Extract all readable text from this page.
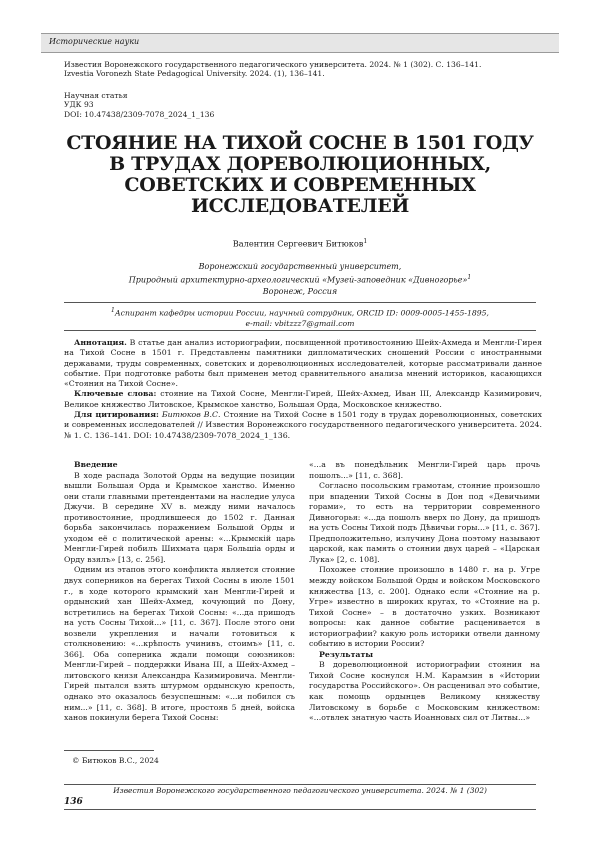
Исторические науки
Известия Воронежского государственного педагогического университета. 2024. № 1 (302). С. 136–141.
Izvestia Voronezh State Pedagogical University. 2024. (1), 136–141.
Научная статья
УДК 93
DOI: 10.47438/2309-7078_2024_1_136
СТОЯНИЕ НА ТИХОЙ СОСНЕ В 1501 ГОДУ
В ТРУДАХ ДОРЕВОЛЮЦИОННЫХ,
СОВЕТСКИХ И СОВРЕМЕННЫХ
ИССЛЕДОВАТЕЛЕЙ
Валентин Сергеевич Битюков$^1$
Воронежский государственный университет,
Природный архитектурно-археологический «Музей-заповедник «Дивногорье»$^1$
Воронеж, Россия
$^1$Аспирант кафедры истории России, научный сотрудник, ORCID ID: 0009-0005-1455-1895,
e-mail: vbitzzz7@gmail.com

Аннотация. В статье дан анализ историографии, посвященной противостоянию Шейх-Ахмеда и Менгли-Гирея на Тихой Сосне в 1501 г. Представлены памятники дипломатических сношений России с иностранными державами, труды современных, советских и дореволюционных исследователей, которые рассматривали данное событие. При подготовке работы был применен метод сравнительного анализа мнений историков, касающихся «Стояния на Тихой Сосне».

Ключевые слова: стояние на Тихой Сосне, Менгли-Гирей, Шейх-Ахмед, Иван III, Александр Казимирович, Великое княжество Литовское, Крымское ханство, Большая Орда, Московское княжество.

Для цитирования: Битюков В.С. Стояние на Тихой Сосне в 1501 году в трудах дореволюционных, советских и современных исследователей // Известия Воронежского государственного педагогического университета. 2024. № 1. С. 136–141. DOI: 10.47438/2309-7078_2024_1_136.

Введение

В ходе распада Золотой Орды на ведущие позиции вышли Большая Орда и Крымское ханство. Именно они стали главными претендентами на наследие улуса Джучи. В середине XV в. между ними началось противостояние, продлившееся до 1502 г. Данная борьба закончилась поражением Большой Орды и уходом её с политической арены: «...Крымскiй царь Менгли-Гирей побилъ Шихмата царя Большіа орды и Орду взялъ» [13, с. 256].

Одним из этапов этого конфликта является стояние двух соперников на берегах Тихой Сосны в июле 1501 г., в ходе которого крымский хан Менгли-Гирей и ордынский хан Шейх-Ахмед, кочующий по Дону, встретились на берегах Тихой Сосны: «...да пришодъ на усть Сосны Тихой...» [11, с. 367]. После этого они возвели укрепления и начали готовиться к столкновению: «...крѣпость учинивъ, стоимъ» [11, с. 366]. Оба соперника ждали помощи союзников: Менгли-Гирей – поддержки Ивана III, а Шейх-Ахмед – литовского князя Александра Казимировича. Менгли-Гирей пытался взять штурмом ордынскую крепость, однако это оказалось безуспешным: «...и побился съ ним...» [11, с. 368]. В итоге, простояв 5 дней, войска ханов покинули берега Тихой Сосны:

«...а въ понедѣльник Менгли-Гирей царь прочь пошолъ...» [11, с. 368].

Согласно посольским грамотам, стояние произошло при впадении Тихой Сосны в Дон под «Девичьими горами», то есть на территории современного Дивногорья: «...да пошолъ вверх по Дону, да пришодъ на усть Сосны Тихой подъ Дѣвичьи горы...» [11, с. 367]. Предположительно, излучину Дона поэтому называют царской, как память о стоянии двух царей – «Царская Лука» [2, с. 108].

Похожее стояние произошло в 1480 г. на р. Угре между войском Большой Орды и войском Московского княжества [13, с. 200]. Однако если «Стояние на р. Угре» известно в широких кругах, то «Стояние на р. Тихой Сосне» – в достаточно узких. Возникают вопросы: как данное событие расценивается в историографии? какую роль историки отвели данному событию в истории России?

Результаты

В дореволюционной историографии стояния на Тихой Сосне коснулся Н.М. Карамзин в «Истории государства Российского». Он расценивал это событие, как помощь ордынцев Великому княжеству Литовскому в борьбе с Московским княжеством: «...отвлек знатную часть Иоанновых сил от Литвы...»

© Битюков В.С., 2024
Известия Воронежского государственного педагогического университета. 2024. № 1 (302)
136
